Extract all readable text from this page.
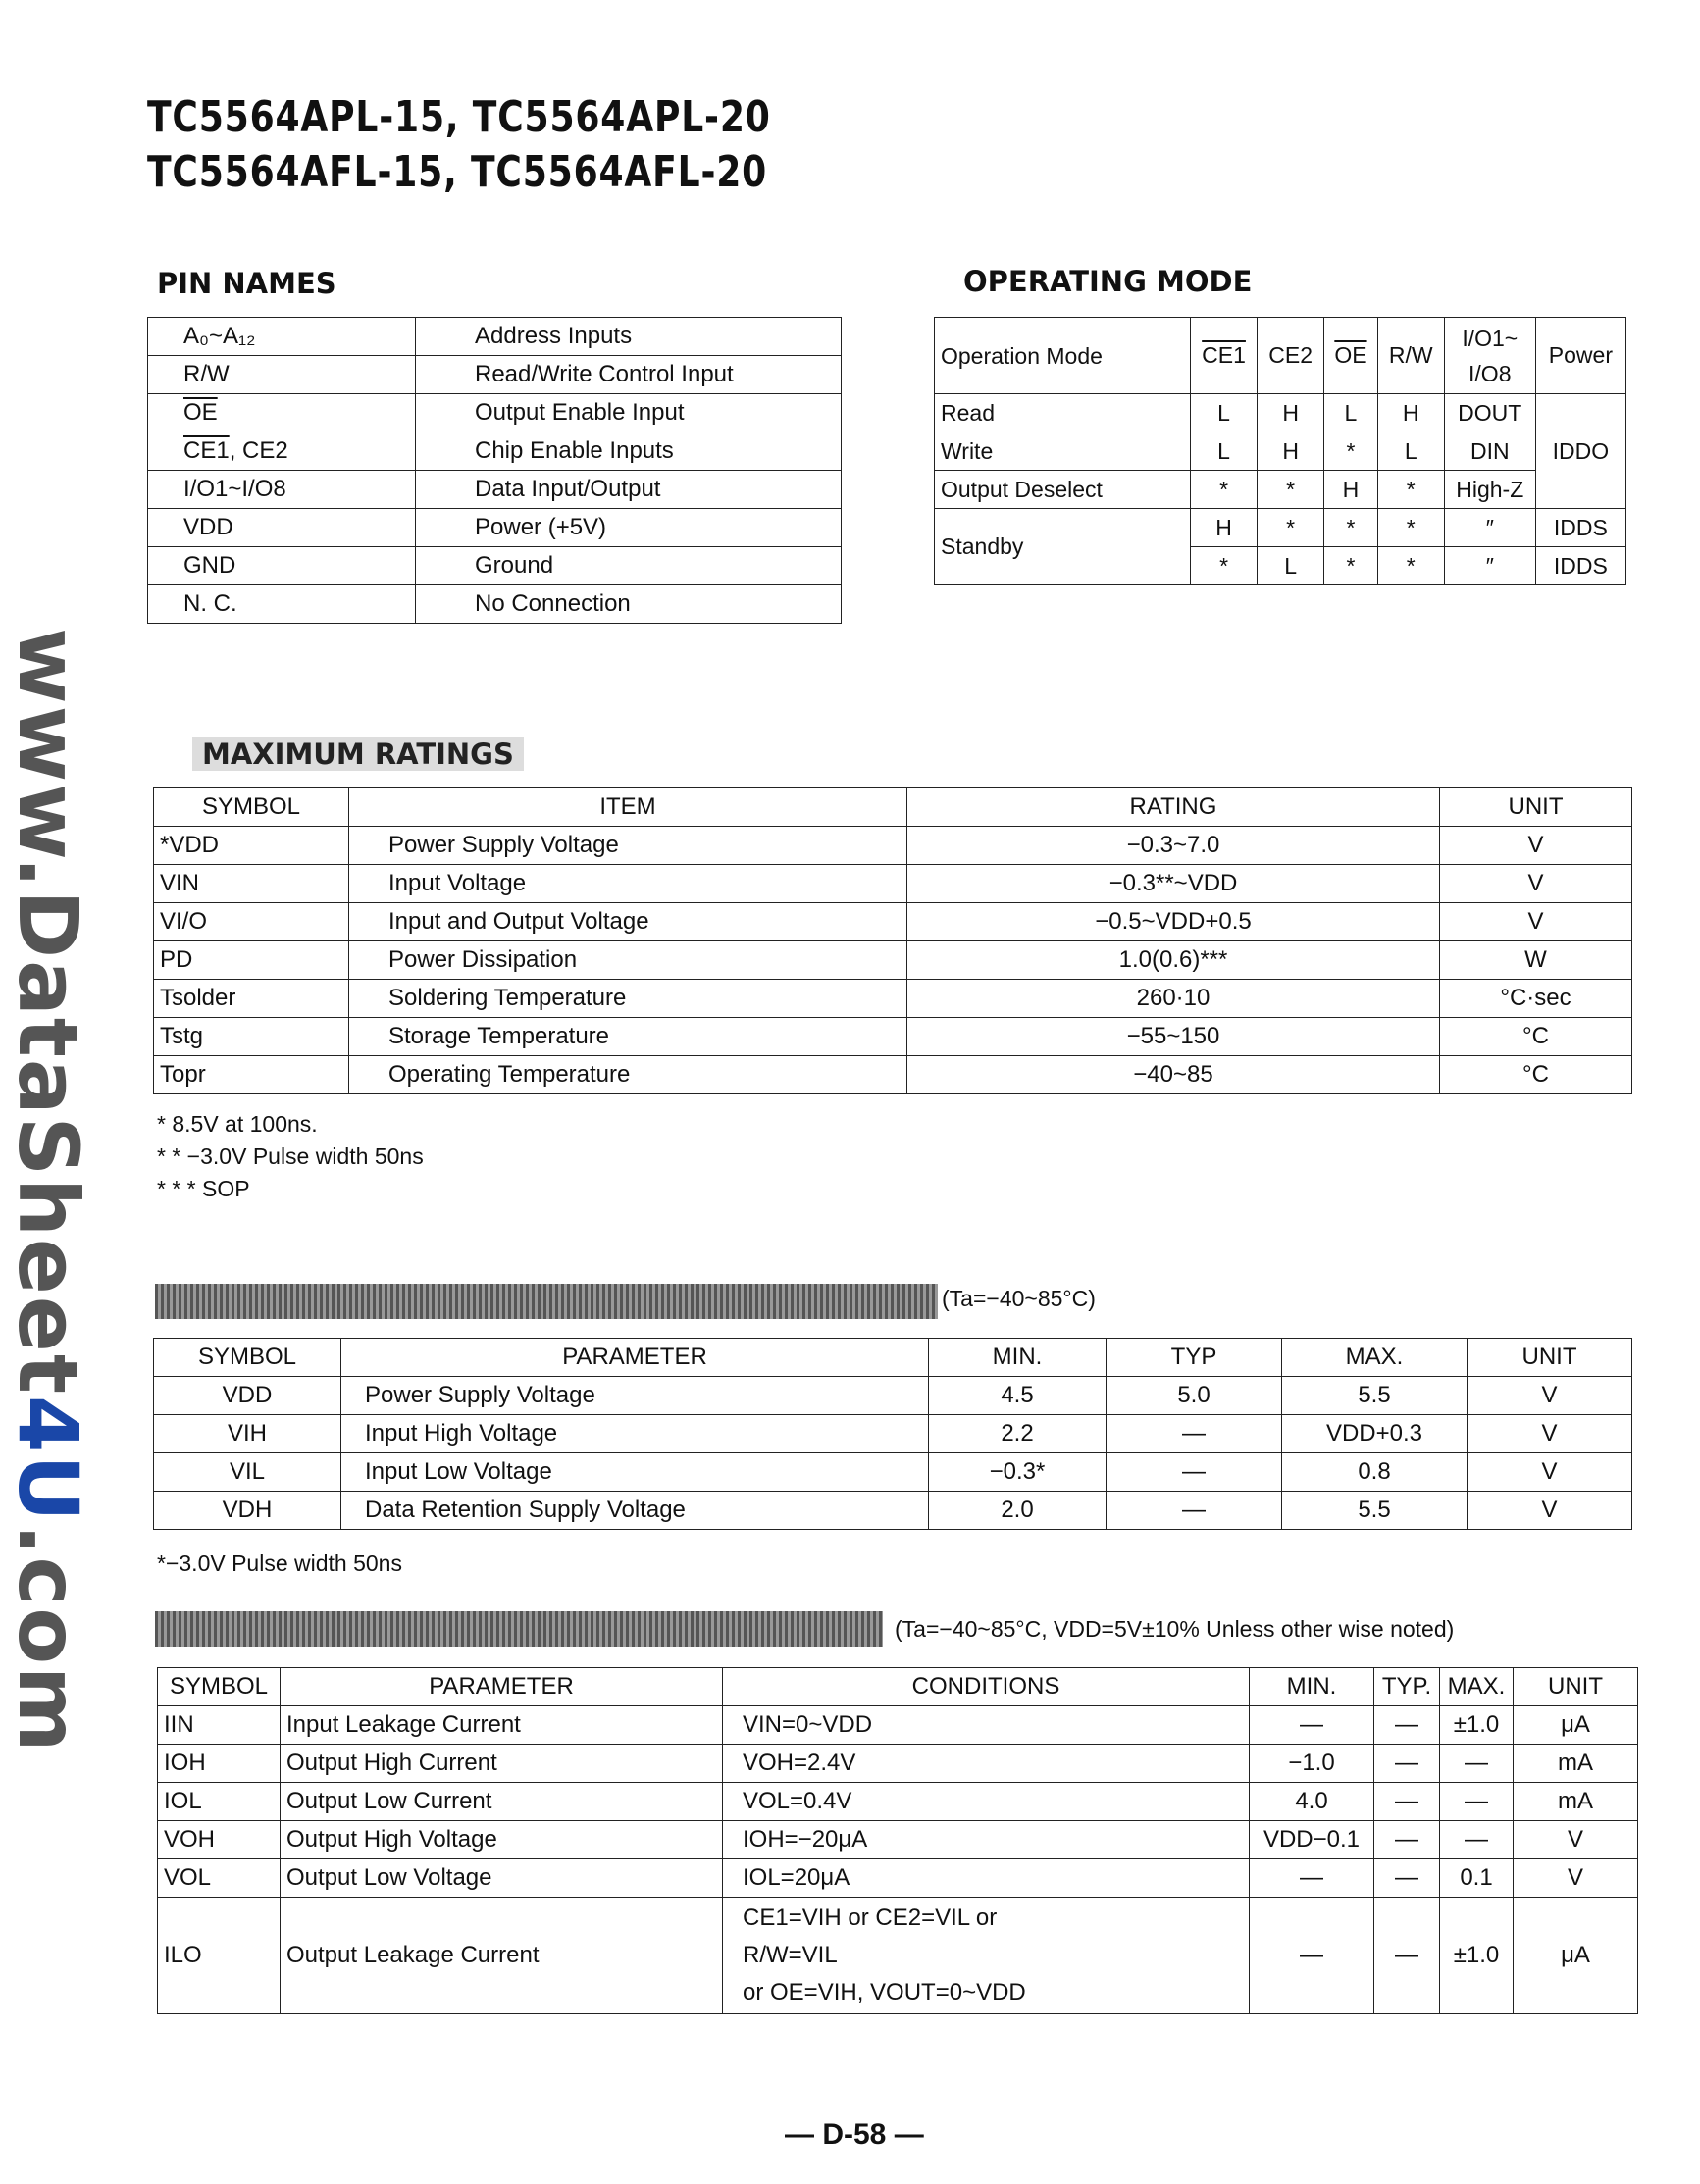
www.DataSheet4U.com
TC5564APL-15, TC5564APL-20
TC5564AFL-15, TC5564AFL-20
PIN NAMES
A₀~A₁₂	Address Inputs
R/W	Read/Write Control Input
$\overline{OE}$	Output Enable Input
CE1, CE2	Chip Enable Inputs
I/O1~I/O8	Data Input/Output
VDD	Power (+5V)
GND	Ground
N. C.	No Connection
OPERATING MODE
Operation Mode	CE1	CE2	$\overline{OE}$	R/W	I/O1~ I/O8	Power
Read	L	H	L	H	DOUT	IDDO
Write	L	H	*	L	DIN	
Output Deselect	*	*	H	*	High-Z	
Standby	H	*	*	*	″	IDDS
	*	L	*	*	″	IDDS
MAXIMUM RATINGS
SYMBOL	ITEM	RATING	UNIT
*VDD	Power Supply Voltage	−0.3~7.0	V
VIN	Input Voltage	−0.3**~VDD	V
VI/O	Input and Output Voltage	−0.5~VDD+0.5	V
PD	Power Dissipation	1.0(0.6)***	W
Tsolder	Soldering Temperature	260·10	°C·sec
Tstg	Storage Temperature	−55~150	°C
Topr	Operating Temperature	−40~85	°C
* 8.5V at 100ns.
* * −3.0V Pulse width 50ns
* * * SOP
(Ta=−40~85°C)
SYMBOL	PARAMETER	MIN.	TYP	MAX.	UNIT
VDD	Power Supply Voltage	4.5	5.0	5.5	V
VIH	Input High Voltage	2.2	—	VDD+0.3	V
VIL	Input Low Voltage	−0.3*	—	0.8	V
VDH	Data Retention Supply Voltage	2.0	—	5.5	V
*−3.0V Pulse width 50ns
(Ta=−40~85°C, VDD=5V±10% Unless other wise noted)
SYMBOL	PARAMETER	CONDITIONS	MIN.	TYP.	MAX.	UNIT
IIN	Input Leakage Current	VIN=0~VDD	—	—	±1.0	μA
IOH	Output High Current	VOH=2.4V	−1.0	—	—	mA
IOL	Output Low Current	VOL=0.4V	4.0	—	—	mA
VOH	Output High Voltage	IOH=−20μA	VDD−0.1	—	—	V
VOL	Output Low Voltage	IOL=20μA	—	—	0.1	V
ILO	Output Leakage Current	CE1=VIH or CE2=VIL or
R/W=VIL
or OE=VIH, VOUT=0~VDD	—	—	±1.0	μA
— D-58 —
